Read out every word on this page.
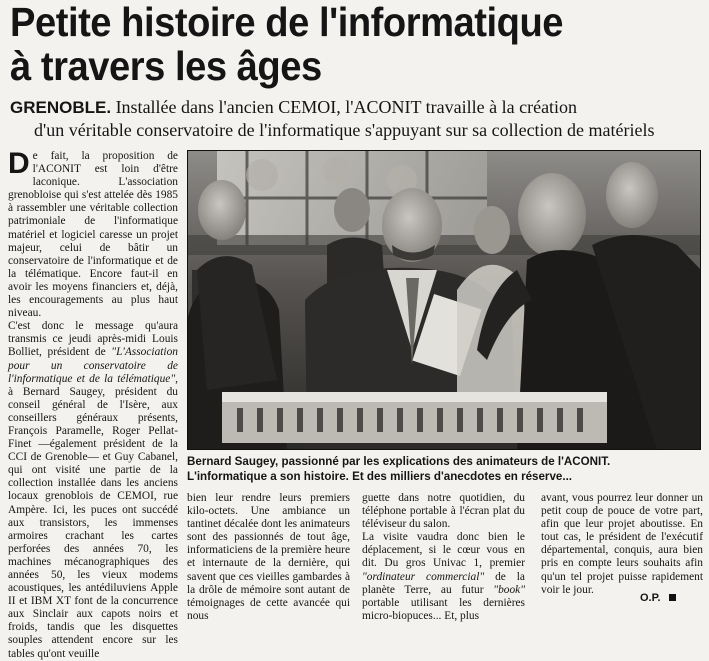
Petite histoire de l'informatique
à travers les âges
GRENOBLE. Installée dans l'ancien CEMOI, l'ACONIT travaille à la création
d'un véritable conservatoire de l'informatique s'appuyant sur sa collection de matériels

De fait, la proposition de l'ACONIT est loin d'être laconique. L'association grenobloise qui s'est attelée dès 1985 à rassembler une véritable collection patrimoniale de l'informatique matériel et logiciel caresse un projet majeur, celui de bâtir un conservatoire de l'informatique et de la télématique. Encore faut-il en avoir les moyens financiers et, déjà, les encouragements au plus haut niveau.

C'est donc le message qu'aura transmis ce jeudi après-midi Louis Bolliet, président de "L'Association pour un conservatoire de l'informatique et de la télématique", à Bernard Saugey, président du conseil général de l'Isère, aux conseillers généraux présents, François Paramelle, Roger Pellat-Finet —également président de la CCI de Grenoble— et Guy Cabanel, qui ont visité une partie de la collection installée dans les anciens locaux grenoblois de CEMOI, rue Ampère. Ici, les puces ont succédé aux transistors, les immenses armoires crachant les cartes perforées des années 70, les machines mécanographiques des années 50, les vieux modems acoustiques, les antédiluviens Apple II et IBM XT font de la concurrence aux Sinclair aux capots noirs et froids, tandis que les disquettes souples attendent encore sur les tables qu'ont veuille

Bernard Saugey, passionné par les explications des animateurs de l'ACONIT.
L'informatique a son histoire. Et des milliers d'anecdotes en réserve...
bien leur rendre leurs premiers kilo-octets. Une ambiance un tantinet décalée dont les animateurs sont des passionnés de tout âge, informaticiens de la première heure et internaute de la dernière, qui savent que ces vieilles gambardes à la drôle de mémoire sont autant de témoignages de cette avancée qui nous
guette dans notre quotidien, du téléphone portable à l'écran plat du téléviseur du salon.
La visite vaudra donc bien le déplacement, si le cœur vous en dit. Du gros Univac 1, premier "ordinateur commercial" de la planète Terre, au futur "book" portable utilisant les dernières micro-biopuces... Et, plus
avant, vous pourrez leur donner un petit coup de pouce de votre part, afin que leur projet aboutisse. En tout cas, le président de l'exécutif départemental, conquis, aura bien pris en compte leurs souhaits afin qu'un tel projet puisse rapidement voir le jour.
O.P.
